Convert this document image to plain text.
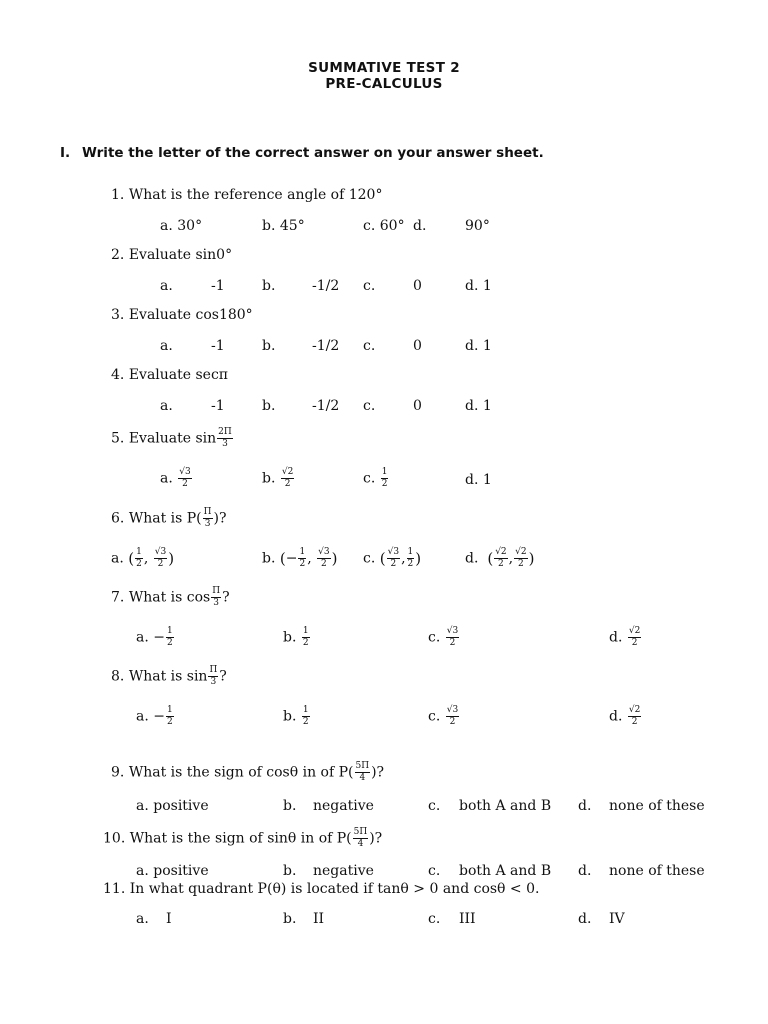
SUMMATIVE TEST 2
PRE-CALCULUS
I. Write the letter of the correct answer on your answer sheet.
1. What is the reference angle of 120°
a. 30°	b. 45°	c. 60° d.	90°
2. Evaluate sin0°
a.	-1	b.	-1/2 c.	0	d. 1
3. Evaluate cos180°
a.	-1	b.	-1/2 c.	0	d. 1
4. Evaluate secπ
a.	-1	b.	-1/2 c.	0	d. 1
5. Evaluate $\sin \frac{2\Pi}{3}$
a. $\frac{√3}{2}$	b. $\frac{√2}{2}$	c. $\frac{1}{2}$	d. 1
6. What is $P( \frac{\Pi}{3}$ )?
a. ( $\frac{1}{2}$ , $\frac{√3}{2}$ )	b. (− $\frac{1}{2}$ , $\frac{√3}{2}$ ) c. ( $\frac{√3}{2}$ , $\frac{1}{2}$ )	d. ( $\frac{√2}{2}$ , $\frac{√2}{2}$ )
7. What is $\cos \frac{\Pi}{3}$ ?
a. − $\frac{1}{2}$	b. $\frac{1}{2}$	c. $\frac{√3}{2}$	d. $\frac{√2}{2}$
8. What is $\sin \frac{\Pi}{3}$ ?
a. − $\frac{1}{2}$	b. $\frac{1}{2}$	c. $\frac{√3}{2}$	d. $\frac{√2}{2}$
9. What is the sign of cosθ in of $P( \frac{5\Pi}{4}$ )?
a. positive	b. negative	c. both A and B d. none of these
10. What is the sign of sinθ in of $P( \frac{5\Pi}{4}$ )?
a. positive	b. negative	c. both A and B d. none of these
11. In what quadrant P(θ) is located if tanθ > 0 and cosθ < 0.
a. I	b. II	c. III	d. IV
